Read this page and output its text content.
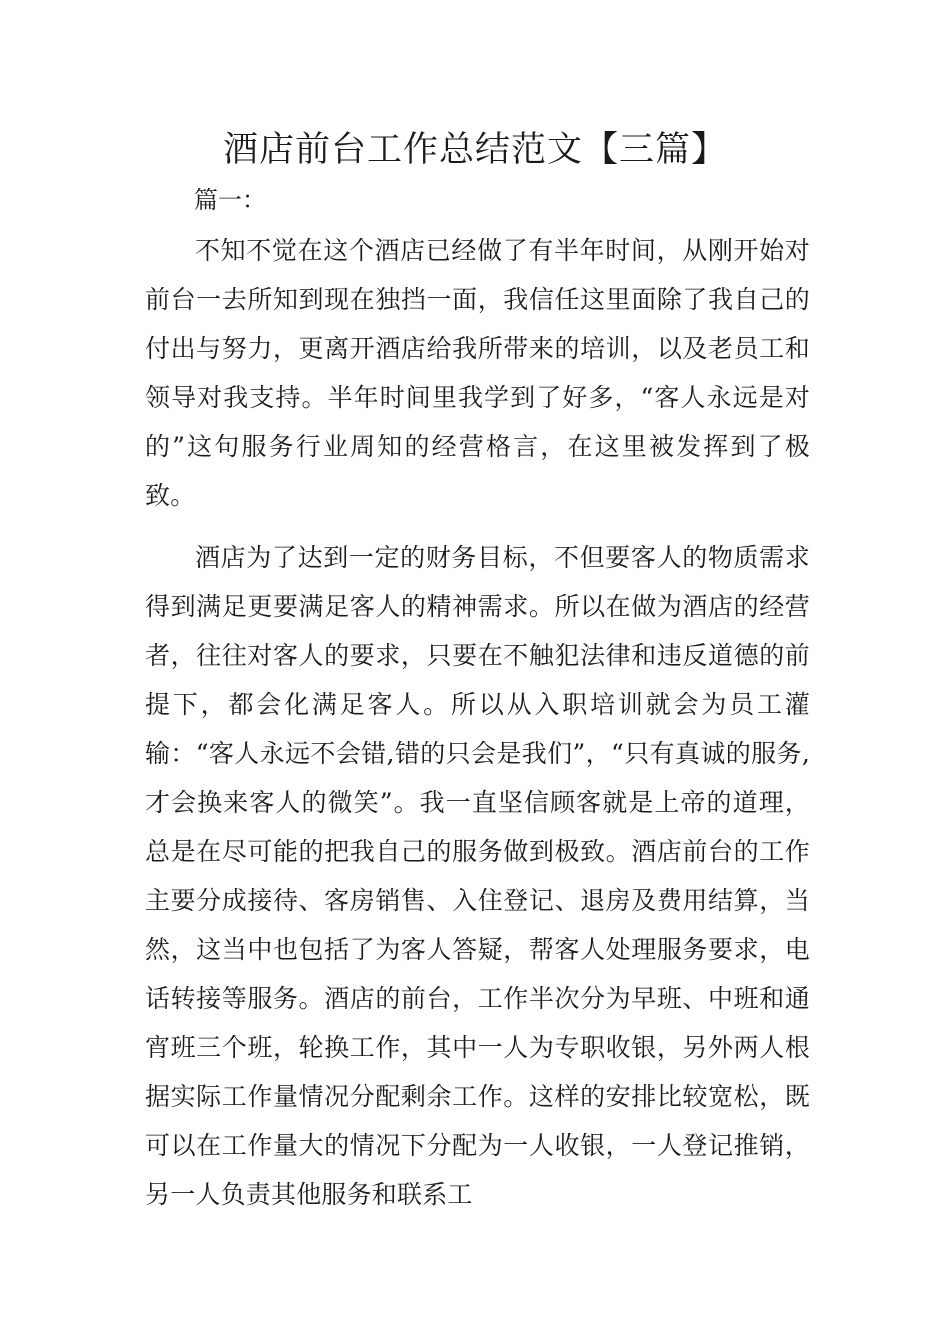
酒店前台工作总结范文【三篇】

篇一：

不知不觉在这个酒店已经做了有半年时间，从刚开始对前台一去所知到现在独挡一面，我信任这里面除了我自己的付出与努力，更离开酒店给我所带来的培训，以及老员工和领导对我支持。半年时间里我学到了好多，“客人永远是对的”这句服务行业周知的经营格言，在这里被发挥到了极致。

酒店为了达到一定的财务目标，不但要客人的物质需求得到满足更要满足客人的精神需求。所以在做为酒店的经营者，往往对客人的要求，只要在不触犯法律和违反道德的前提下，都会化满足客人。所以从入职培训就会为员工灌输：“客人永远不会错,错的只会是我们”，“只有真诚的服务,才会换来客人的微笑”。我一直坚信顾客就是上帝的道理，总是在尽可能的把我自己的服务做到极致。酒店前台的工作主要分成接待、客房销售、入住登记、退房及费用结算，当然，这当中也包括了为客人答疑，帮客人处理服务要求，电话转接等服务。酒店的前台，工作半次分为早班、中班和通宵班三个班，轮换工作，其中一人为专职收银，另外两人根据实际工作量情况分配剩余工作。这样的安排比较宽松，既可以在工作量大的情况下分配为一人收银，一人登记推销，另一人负责其他服务和联系工
